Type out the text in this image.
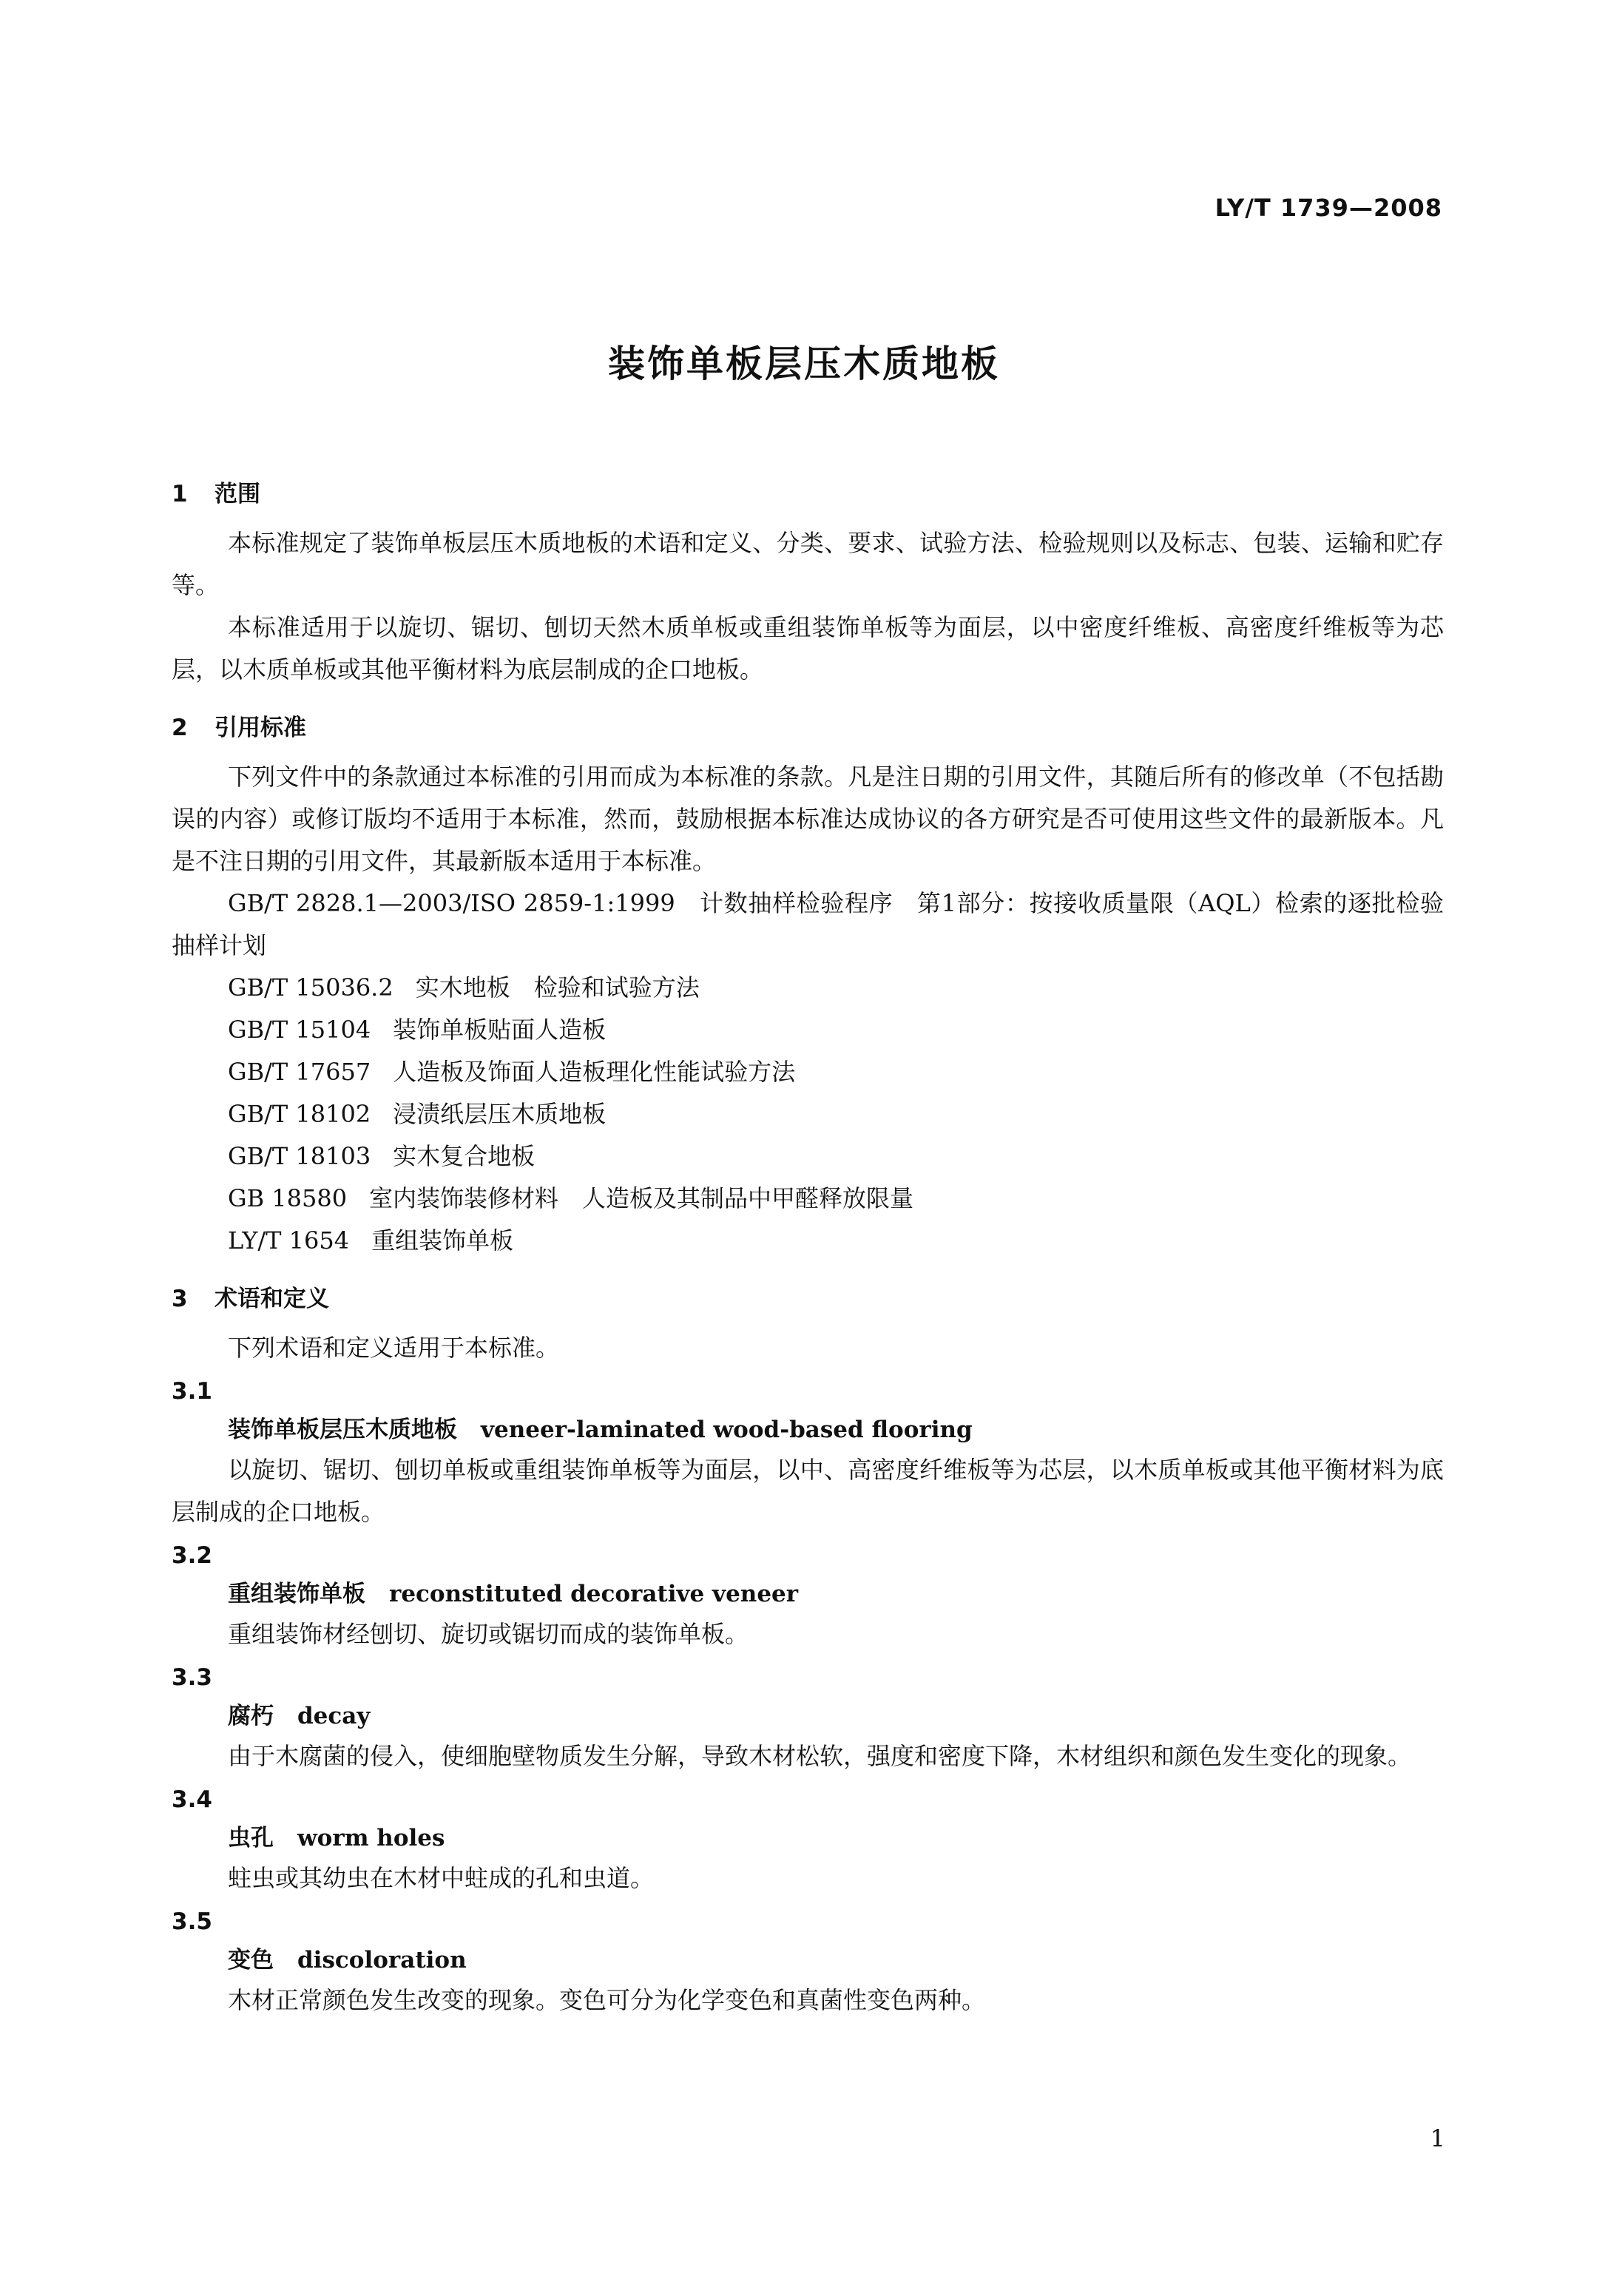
LY/T 1739—2008
装饰单板层压木质地板
1 范围

本标准规定了装饰单板层压木质地板的术语和定义、分类、要求、试验方法、检验规则以及标志、包装、运输和贮存等。

本标准适用于以旋切、锯切、刨切天然木质单板或重组装饰单板等为面层，以中密度纤维板、高密度纤维板等为芯层，以木质单板或其他平衡材料为底层制成的企口地板。

2 引用标准

下列文件中的条款通过本标准的引用而成为本标准的条款。凡是注日期的引用文件，其随后所有的修改单（不包括勘误的内容）或修订版均不适用于本标准，然而，鼓励根据本标准达成协议的各方研究是否可使用这些文件的最新版本。凡是不注日期的引用文件，其最新版本适用于本标准。

GB/T 2828.1—2003/ISO 2859-1:1999　 计数抽样检验程序　第1部分：按接收质量限（AQL）检索的逐批检验抽样计划

GB/T 15036.2 实木地板　检验和试验方法

GB/T 15104 装饰单板贴面人造板

GB/T 17657 人造板及饰面人造板理化性能试验方法

GB/T 18102 浸渍纸层压木质地板

GB/T 18103 实木复合地板

GB 18580 室内装饰装修材料　人造板及其制品中甲醛释放限量

LY/T 1654 重组装饰单板

3 术语和定义

下列术语和定义适用于本标准。

3.1
装饰单板层压木质地板 veneer-laminated wood-based flooring

以旋切、锯切、刨切单板或重组装饰单板等为面层，以中、高密度纤维板等为芯层，以木质单板或其他平衡材料为底层制成的企口地板。

3.2
重组装饰单板 reconstituted decorative veneer

重组装饰材经刨切、旋切或锯切而成的装饰单板。

3.3
腐朽 decay

由于木腐菌的侵入，使细胞壁物质发生分解，导致木材松软，强度和密度下降，木材组织和颜色发生变化的现象。

3.4
虫孔 worm holes

蛀虫或其幼虫在木材中蛀成的孔和虫道。

3.5
变色 discoloration

木材正常颜色发生改变的现象。变色可分为化学变色和真菌性变色两种。

1
